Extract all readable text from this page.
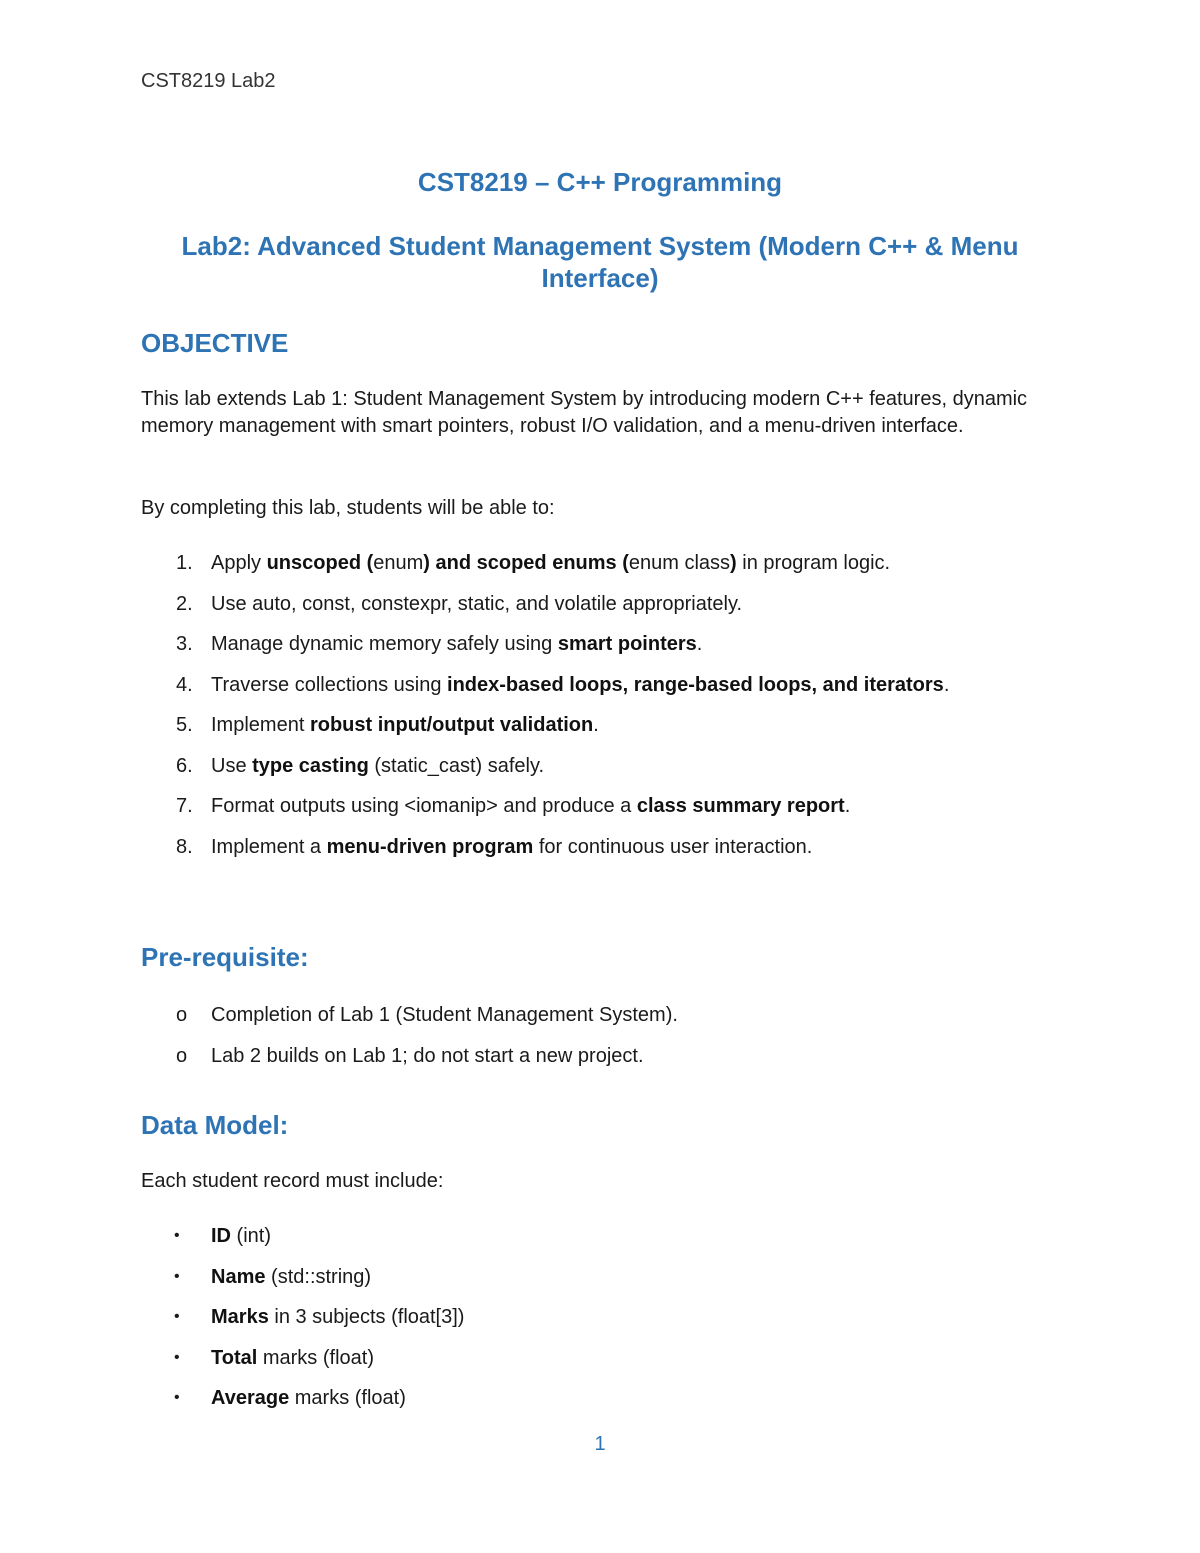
CST8219 Lab2
CST8219 – C++ Programming
Lab2: Advanced Student Management System (Modern C++ & Menu Interface)
OBJECTIVE
This lab extends Lab 1: Student Management System by introducing modern C++ features, dynamic memory management with smart pointers, robust I/O validation, and a menu-driven interface.
By completing this lab, students will be able to:
1. Apply unscoped (enum) and scoped enums (enum class) in program logic.
2. Use auto, const, constexpr, static, and volatile appropriately.
3. Manage dynamic memory safely using smart pointers.
4. Traverse collections using index-based loops, range-based loops, and iterators.
5. Implement robust input/output validation.
6. Use type casting (static_cast) safely.
7. Format outputs using <iomanip> and produce a class summary report.
8. Implement a menu-driven program for continuous user interaction.
Pre-requisite:
o Completion of Lab 1 (Student Management System).
o Lab 2 builds on Lab 1; do not start a new project.
Data Model:
Each student record must include:
• ID (int)
• Name (std::string)
• Marks in 3 subjects (float[3])
• Total marks (float)
• Average marks (float)
1
